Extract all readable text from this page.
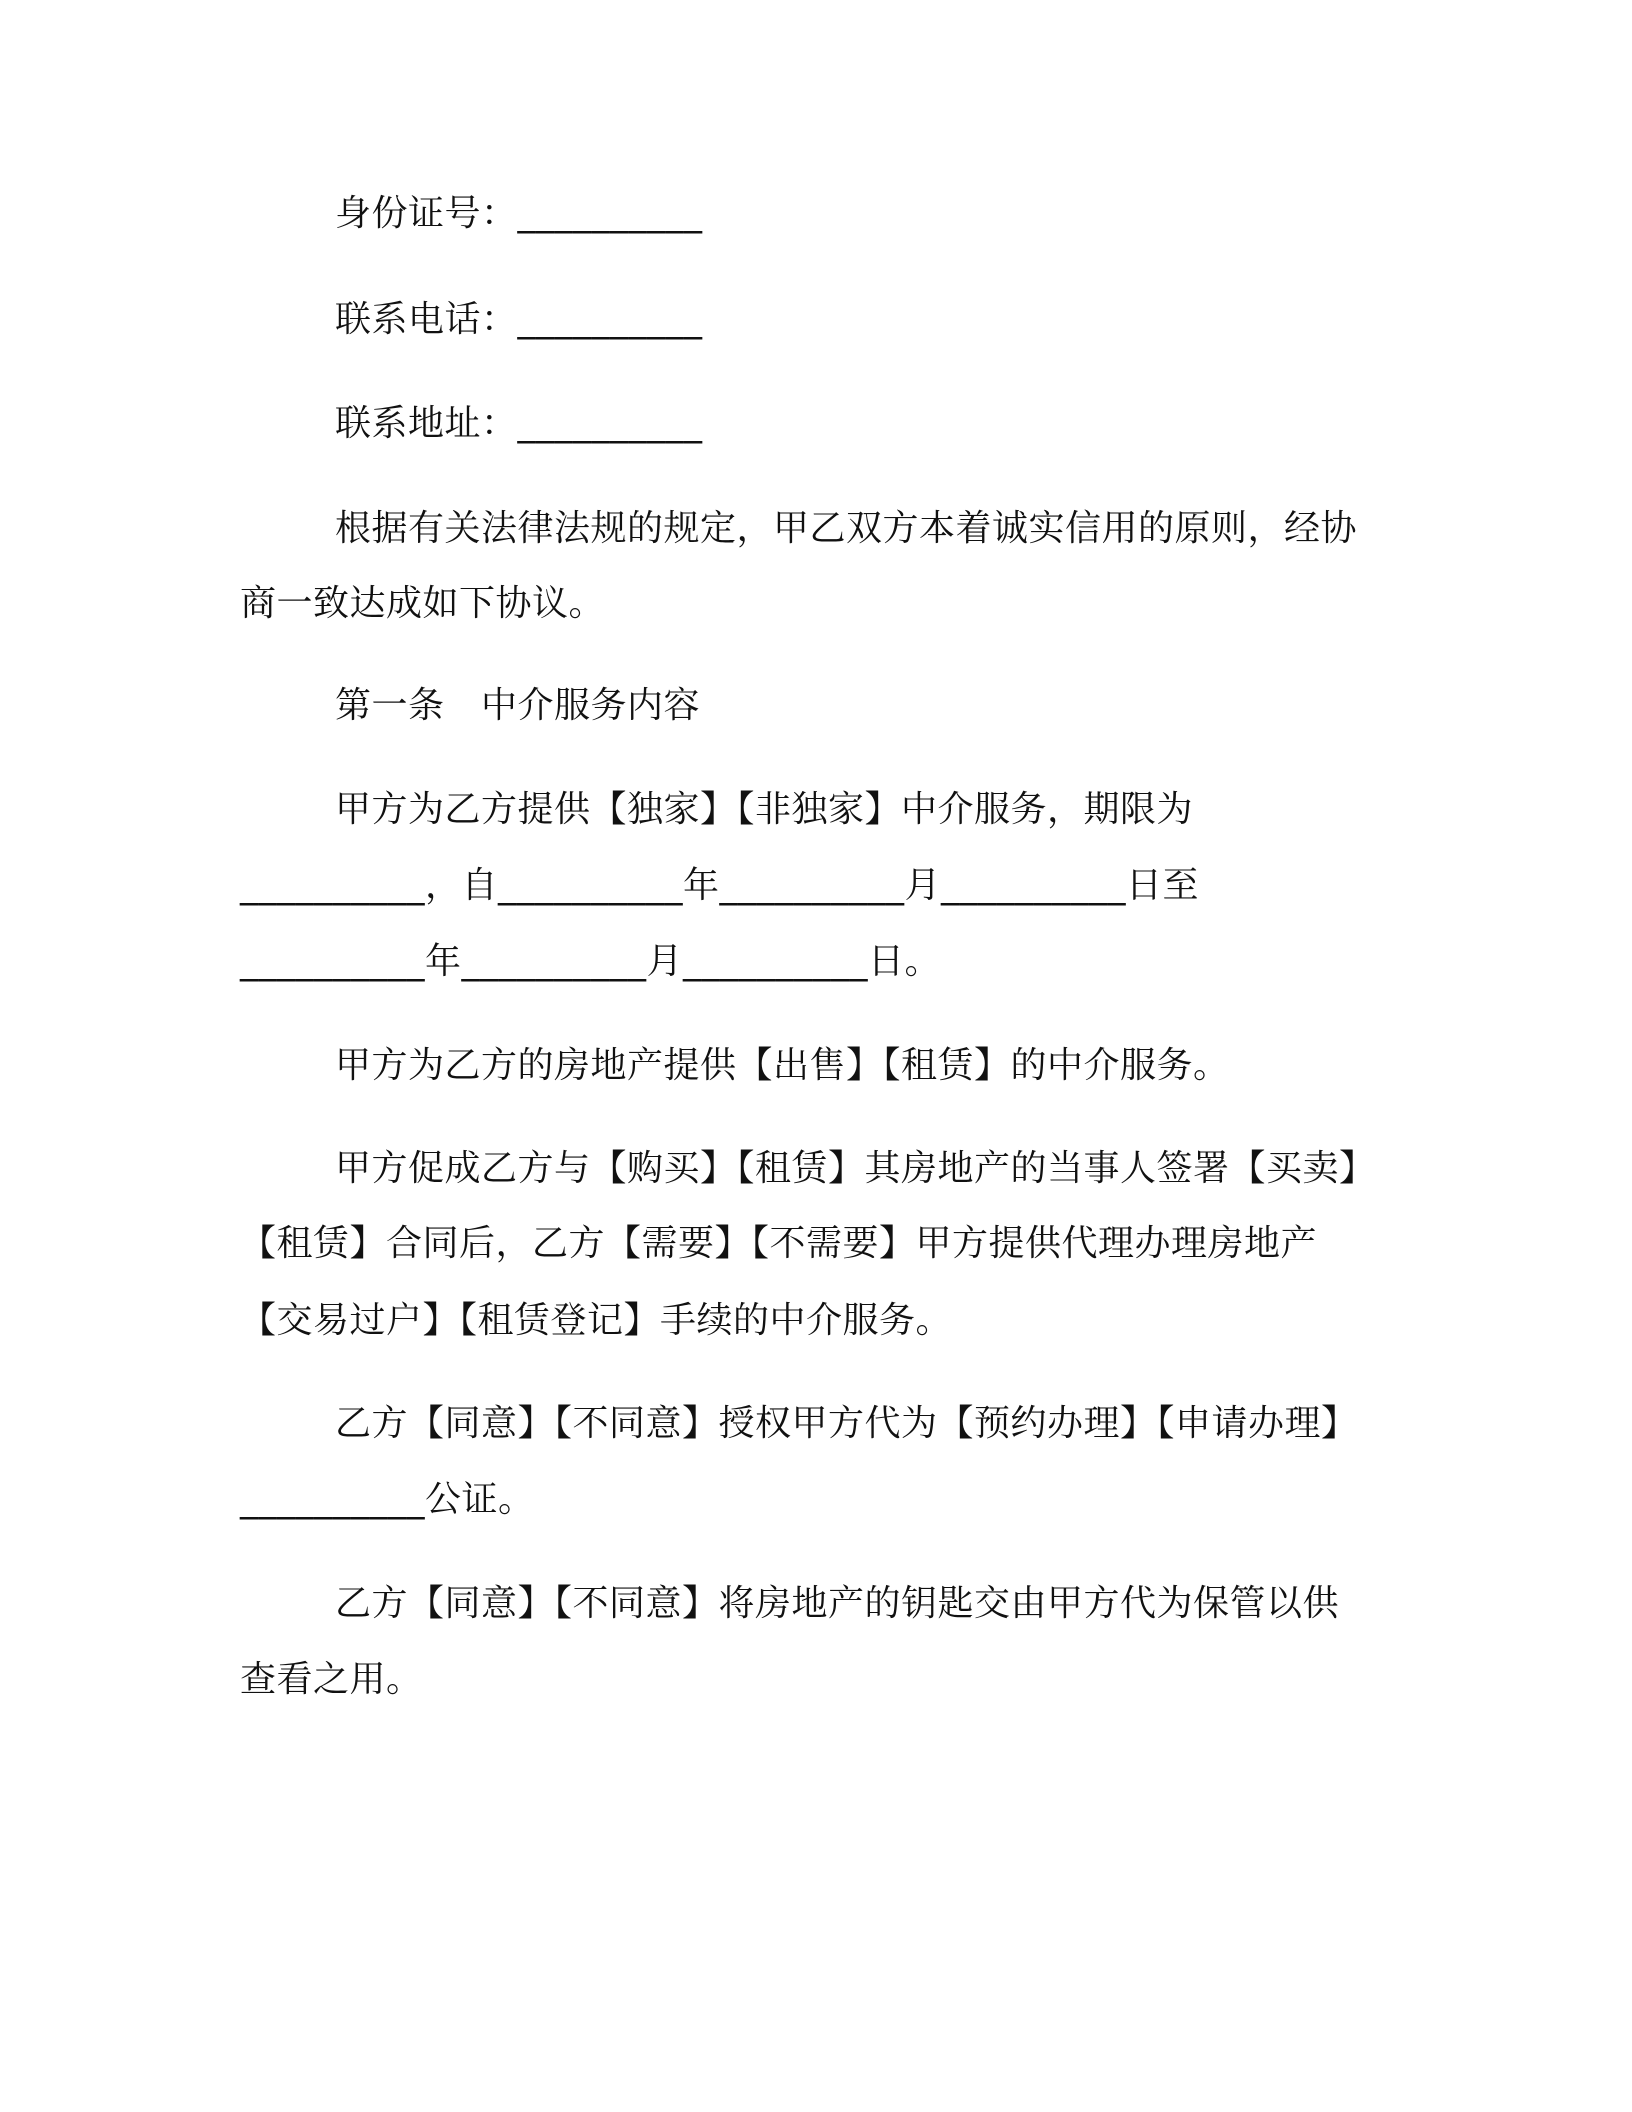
身份证号：__________
联系电话：__________
联系地址：__________
根据有关法律法规的规定，甲乙双方本着诚实信用的原则，经协
商一致达成如下协议。
第一条　中介服务内容
甲方为乙方提供【独家】【非独家】中介服务，期限为
__________，自__________年__________月__________日至
__________年__________月__________日。
甲方为乙方的房地产提供【出售】【租赁】的中介服务。
甲方促成乙方与【购买】【租赁】其房地产的当事人签署【买卖】
【租赁】合同后，乙方【需要】【不需要】甲方提供代理办理房地产
【交易过户】【租赁登记】手续的中介服务。
乙方【同意】【不同意】授权甲方代为【预约办理】【申请办理】
__________公证。
乙方【同意】【不同意】将房地产的钥匙交由甲方代为保管以供
查看之用。
